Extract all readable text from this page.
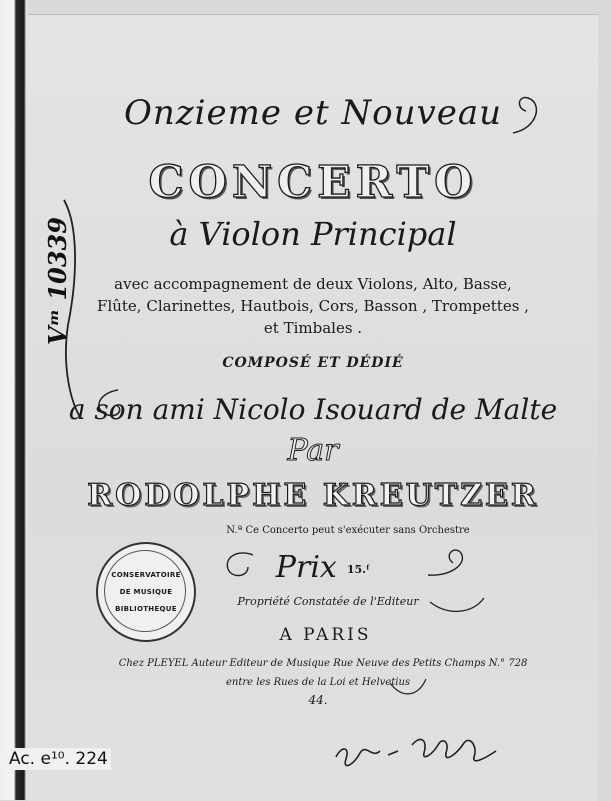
Onzieme et Nouveau
CONCERTO
à Violon Principal
avec accompagnement de deux Violons, Alto, Basse,
Flûte, Clarinettes, Hautbois, Cors, Basson , Trompettes ,
et Timbales .
COMPOSÉ ET DÉDIÉ
a son ami Nicolo Isouard de Malte
Par
RODOLPHE KREUTZER
N.ª Ce Concerto peut s'exécuter sans Orchestre
Prix 15.ᶠ
Propriété Constatée de l'Editeur
A PARIS
Chez PLEYEL Auteur Editeur de Musique Rue Neuve des Petits Champs N.° 728
entre les Rues de la Loi et Helvetius
44.
Vᵐ 10339
CONSERVATOIRE
DE MUSIQUE
BIBLIOTHEQUE
Ac. e¹⁰. 224
